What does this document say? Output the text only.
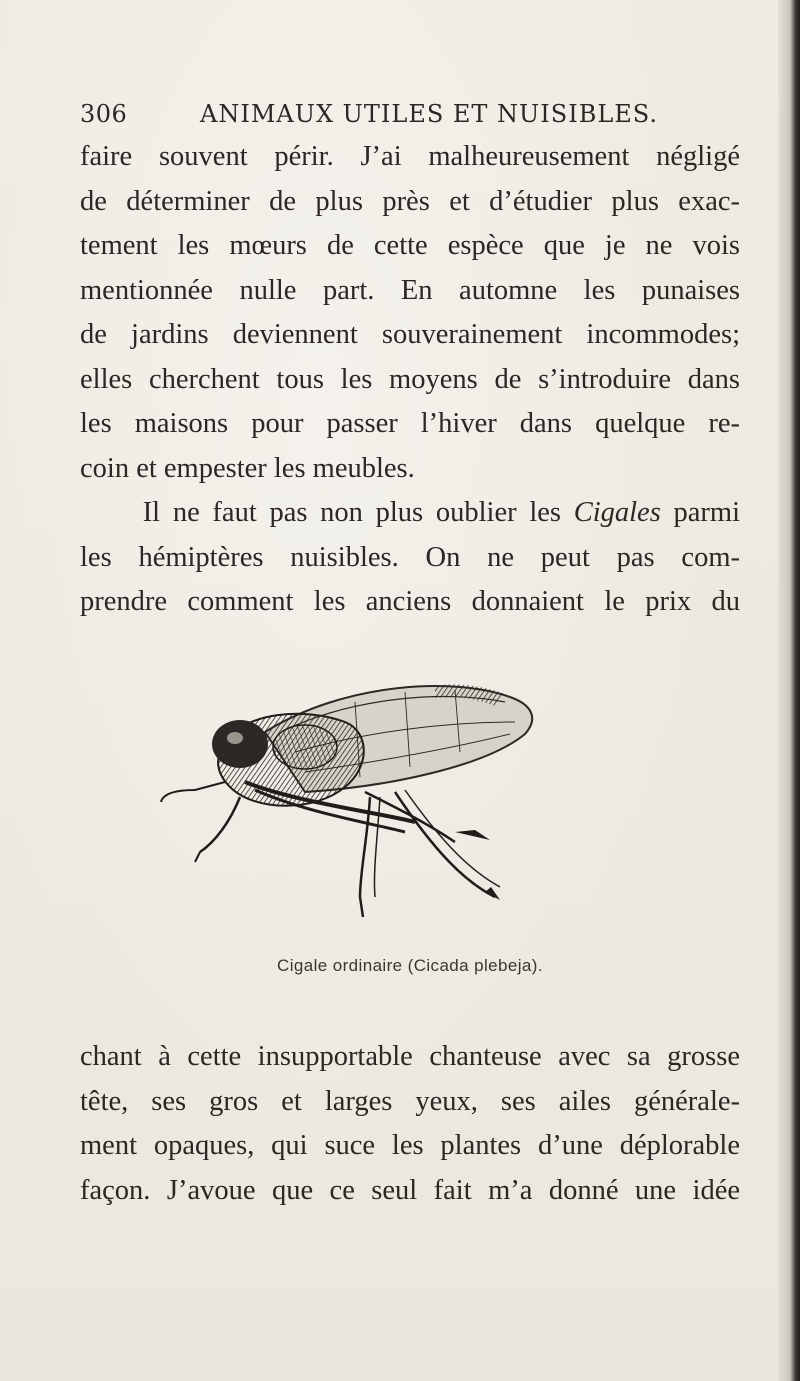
306	ANIMAUX UTILES ET NUISIBLES.

faire souvent périr. J’ai malheureusement négligé
de déterminer de plus près et d’étudier plus exac-
tement les mœurs de cette espèce que je ne vois
mentionnée nulle part. En automne les punaises
de jardins deviennent souverainement incommodes;
elles cherchent tous les moyens de s’introduire dans
les maisons pour passer l’hiver dans quelque re-
coin et empester les meubles.

Il ne faut pas non plus oublier les Cigales parmi
les hémiptères nuisibles. On ne peut pas com-
prendre comment les anciens donnaient le prix du

Cigale ordinaire (Cicada plebeja).

chant à cette insupportable chanteuse avec sa grosse
tête, ses gros et larges yeux, ses ailes générale-
ment opaques, qui suce les plantes d’une déplorable
façon. J’avoue que ce seul fait m’a donné une idée
